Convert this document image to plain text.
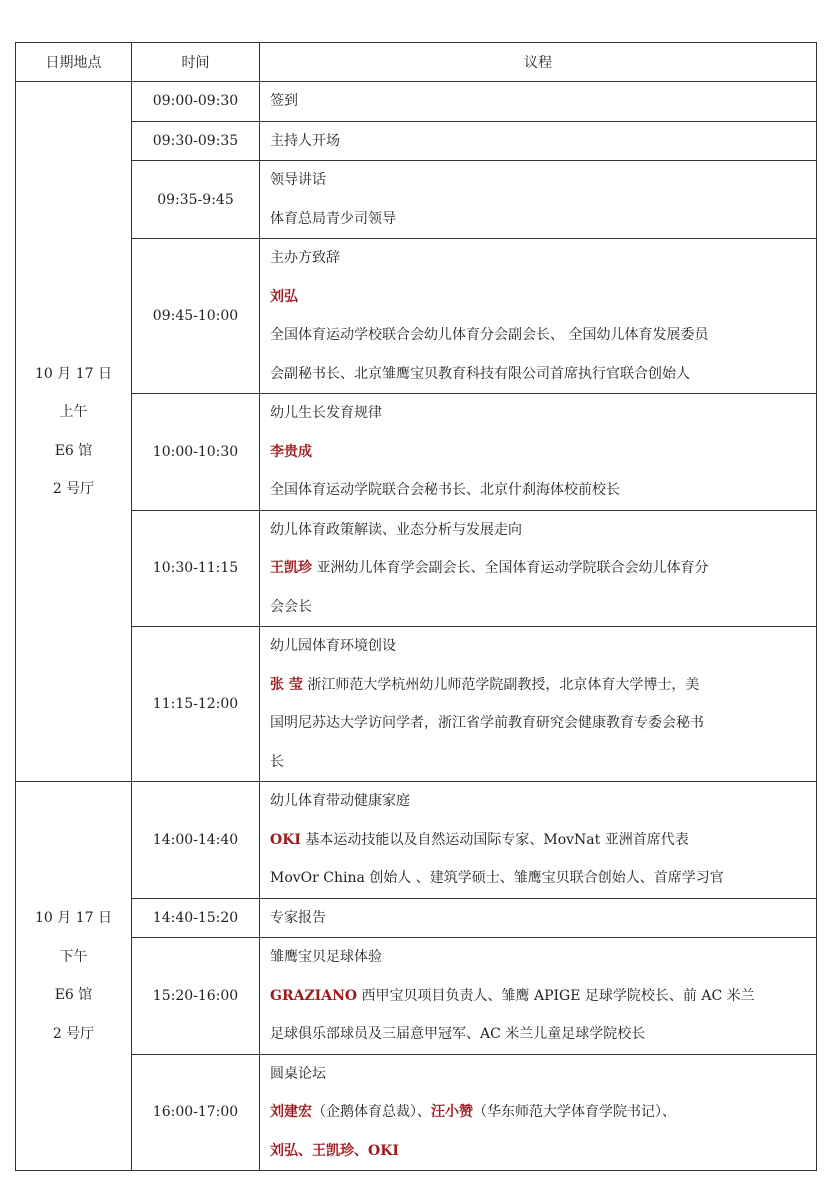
日期地点	时间	议程

10 月 17 日
上午
E6 馆
2 号厅	09:00-09:30	签到

	09:30-09:35	主持人开场

	09:35-9:45	领导讲话
体育总局青少司领导

	09:45-10:00	主办方致辞
刘弘
全国体育运动学校联合会幼儿体育分会副会长、 全国幼儿体育发展委员
会副秘书长、北京雏鹰宝贝教育科技有限公司首席执行官联合创始人

	10:00-10:30	幼儿生长发育规律
李贵成
全国体育运动学院联合会秘书长、北京什刹海体校前校长

	10:30-11:15	幼儿体育政策解读、业态分析与发展走向
王凯珍 亚洲幼儿体育学会副会长、全国体育运动学院联合会幼儿体育分
会会长

	11:15-12:00	幼儿园体育环境创设
张 莹 浙江师范大学杭州幼儿师范学院副教授，北京体育大学博士，美
国明尼苏达大学访问学者，浙江省学前教育研究会健康教育专委会秘书
长

10 月 17 日
下午
E6 馆
2 号厅	14:00-14:40	幼儿体育带动健康家庭
OKI 基本运动技能以及自然运动国际专家、MovNat 亚洲首席代表
MovOr China 创始人 、建筑学硕士、雏鹰宝贝联合创始人、首席学习官

	14:40-15:20	专家报告

	15:20-16:00	雏鹰宝贝足球体验
GRAZIANO 西甲宝贝项目负责人、雏鹰 APIGE 足球学院校长、前 AC 米兰
足球俱乐部球员及三届意甲冠军、AC 米兰儿童足球学院校长

	16:00-17:00	圆桌论坛
刘建宏（企鹅体育总裁）、汪小赞（华东师范大学体育学院书记）、
刘弘、王凯珍、OKI
